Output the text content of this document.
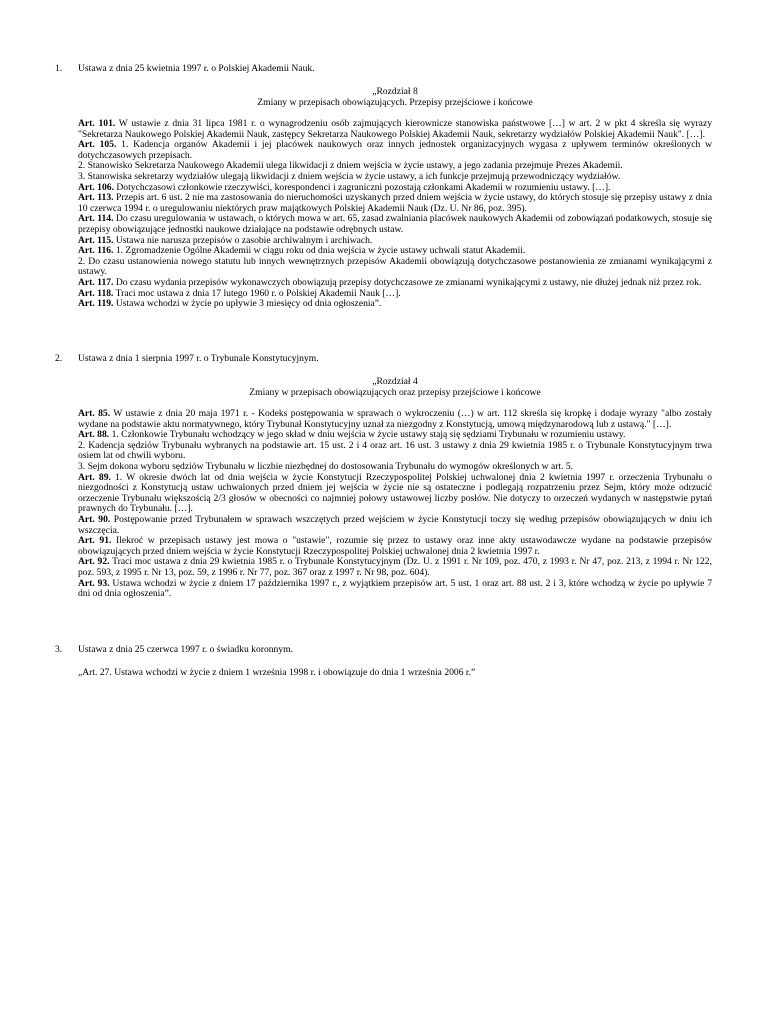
1. Ustawa z dnia 25 kwietnia 1997 r. o Polskiej Akademii Nauk.
„Rozdział 8
Zmiany w przepisach obowiązujących. Przepisy przejściowe i końcowe

Art. 101. W ustawie z dnia 31 lipca 1981 r. o wynagrodzeniu osób zajmujących kierownicze stanowiska państwowe […] w art. 2 w pkt 4 skreśla się wyrazy "Sekretarza Naukowego Polskiej Akademii Nauk, zastępcy Sekretarza Naukowego Polskiej Akademii Nauk, sekretarzy wydziałów Polskiej Akademii Nauk". […].

Art. 105. 1. Kadencja organów Akademii i jej placówek naukowych oraz innych jednostek organizacyjnych wygasa z upływem terminów określonych w dotychczasowych przepisach.

2. Stanowisko Sekretarza Naukowego Akademii ulega likwidacji z dniem wejścia w życie ustawy, a jego zadania przejmuje Prezes Akademii.

3. Stanowiska sekretarzy wydziałów ulegają likwidacji z dniem wejścia w życie ustawy, a ich funkcje przejmują przewodniczący wydziałów.

Art. 106. Dotychczasowi członkowie rzeczywiści, korespondenci i zagraniczni pozostają członkami Akademii w rozumieniu ustawy. […].

Art. 113. Przepis art. 6 ust. 2 nie ma zastosowania do nieruchomości uzyskanych przed dniem wejścia w życie ustawy, do których stosuje się przepisy ustawy z dnia 10 czerwca 1994 r. o uregulowaniu niektórych praw majątkowych Polskiej Akademii Nauk (Dz. U. Nr 86, poz. 395).

Art. 114. Do czasu uregulowania w ustawach, o których mowa w art. 65, zasad zwalniania placówek naukowych Akademii od zobowiązań podatkowych, stosuje się przepisy obowiązujące jednostki naukowe działające na podstawie odrębnych ustaw.

Art. 115. Ustawa nie narusza przepisów o zasobie archiwalnym i archiwach.

Art. 116. 1. Zgromadzenie Ogólne Akademii w ciągu roku od dnia wejścia w życie ustawy uchwali statut Akademii.

2. Do czasu ustanowienia nowego statutu lub innych wewnętrznych przepisów Akademii obowiązują dotychczasowe postanowienia ze zmianami wynikającymi z ustawy.

Art. 117. Do czasu wydania przepisów wykonawczych obowiązują przepisy dotychczasowe ze zmianami wynikającymi z ustawy, nie dłużej jednak niż przez rok.

Art. 118. Traci moc ustawa z dnia 17 lutego 1960 r. o Polskiej Akademii Nauk […].

Art. 119. Ustawa wchodzi w życie po upływie 3 miesięcy od dnia ogłoszenia”.

2. Ustawa z dnia 1 sierpnia 1997 r. o Trybunale Konstytucyjnym.
„Rozdział 4
Zmiany w przepisach obowiązujących oraz przepisy przejściowe i końcowe

Art. 85. W ustawie z dnia 20 maja 1971 r. - Kodeks postępowania w sprawach o wykroczeniu (…) w art. 112 skreśla się kropkę i dodaje wyrazy "albo zostały wydane na podstawie aktu normatywnego, który Trybunał Konstytucyjny uznał za niezgodny z Konstytucją, umową międzynarodową lub z ustawą." […].

Art. 88. 1. Członkowie Trybunału wchodzący w jego skład w dniu wejścia w życie ustawy stają się sędziami Trybunału w rozumieniu ustawy.

2. Kadencja sędziów Trybunału wybranych na podstawie art. 15 ust. 2 i 4 oraz art. 16 ust. 3 ustawy z dnia 29 kwietnia 1985 r. o Trybunale Konstytucyjnym trwa osiem lat od chwili wyboru.

3. Sejm dokona wyboru sędziów Trybunału w liczbie niezbędnej do dostosowania Trybunału do wymogów określonych w art. 5.

Art. 89. 1. W okresie dwóch lat od dnia wejścia w życie Konstytucji Rzeczypospolitej Polskiej uchwalonej dnia 2 kwietnia 1997 r. orzeczenia Trybunału o niezgodności z Konstytucją ustaw uchwalonych przed dniem jej wejścia w życie nie są ostateczne i podlegają rozpatrzeniu przez Sejm, który może odrzucić orzeczenie Trybunału większością 2/3 głosów w obecności co najmniej połowy ustawowej liczby posłów. Nie dotyczy to orzeczeń wydanych w następstwie pytań prawnych do Trybunału. […].

Art. 90. Postępowanie przed Trybunałem w sprawach wszczętych przed wejściem w życie Konstytucji toczy się według przepisów obowiązujących w dniu ich wszczęcia.

Art. 91. Ilekroć w przepisach ustawy jest mowa o "ustawie", rozumie się przez to ustawy oraz inne akty ustawodawcze wydane na podstawie przepisów obowiązujących przed dniem wejścia w życie Konstytucji Rzeczypospolitej Polskiej uchwalonej dnia 2 kwietnia 1997 r.

Art. 92. Traci moc ustawa z dnia 29 kwietnia 1985 r. o Trybunale Konstytucyjnym (Dz. U. z 1991 r. Nr 109, poz. 470, z 1993 r. Nr 47, poz. 213, z 1994 r. Nr 122, poz. 593, z 1995 r. Nr 13, poz. 59, z 1996 r. Nr 77, poz. 367 oraz z 1997 r. Nr 98, poz. 604).

Art. 93. Ustawa wchodzi w życie z dniem 17 października 1997 r., z wyjątkiem przepisów art. 5 ust. 1 oraz art. 88 ust. 2 i 3, które wchodzą w życie po upływie 7 dni od dnia ogłoszenia”.

3. Ustawa z dnia 25 czerwca 1997 r. o świadku koronnym.
„Art. 27. Ustawa wchodzi w życie z dniem 1 września 1998 r. i obowiązuje do dnia 1 września 2006 r.”
